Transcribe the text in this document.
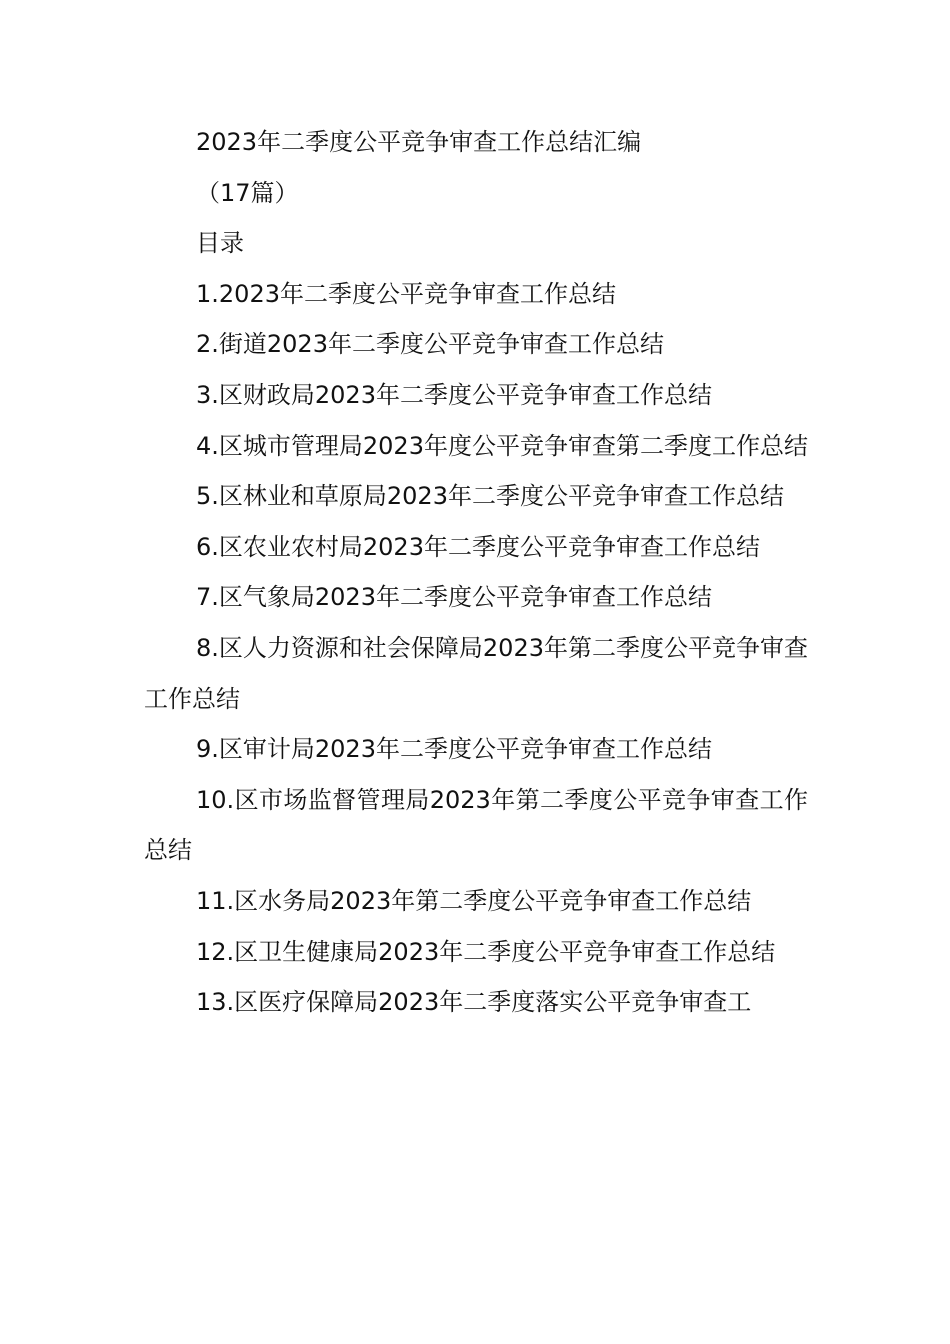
2023年二季度公平竞争审查工作总结汇编

（17篇）

目录

1.2023年二季度公平竞争审查工作总结

2.街道2023年二季度公平竞争审查工作总结

3.区财政局2023年二季度公平竞争审查工作总结

4.区城市管理局2023年度公平竞争审查第二季度工作总结

5.区林业和草原局2023年二季度公平竞争审查工作总结

6.区农业农村局2023年二季度公平竞争审查工作总结

7.区气象局2023年二季度公平竞争审查工作总结

8.区人力资源和社会保障局2023年第二季度公平竞争审查工作总结

9.区审计局2023年二季度公平竞争审查工作总结

10.区市场监督管理局2023年第二季度公平竞争审查工作总结

11.区水务局2023年第二季度公平竞争审查工作总结

12.区卫生健康局2023年二季度公平竞争审查工作总结

13.区医疗保障局2023年二季度落实公平竞争审查工
